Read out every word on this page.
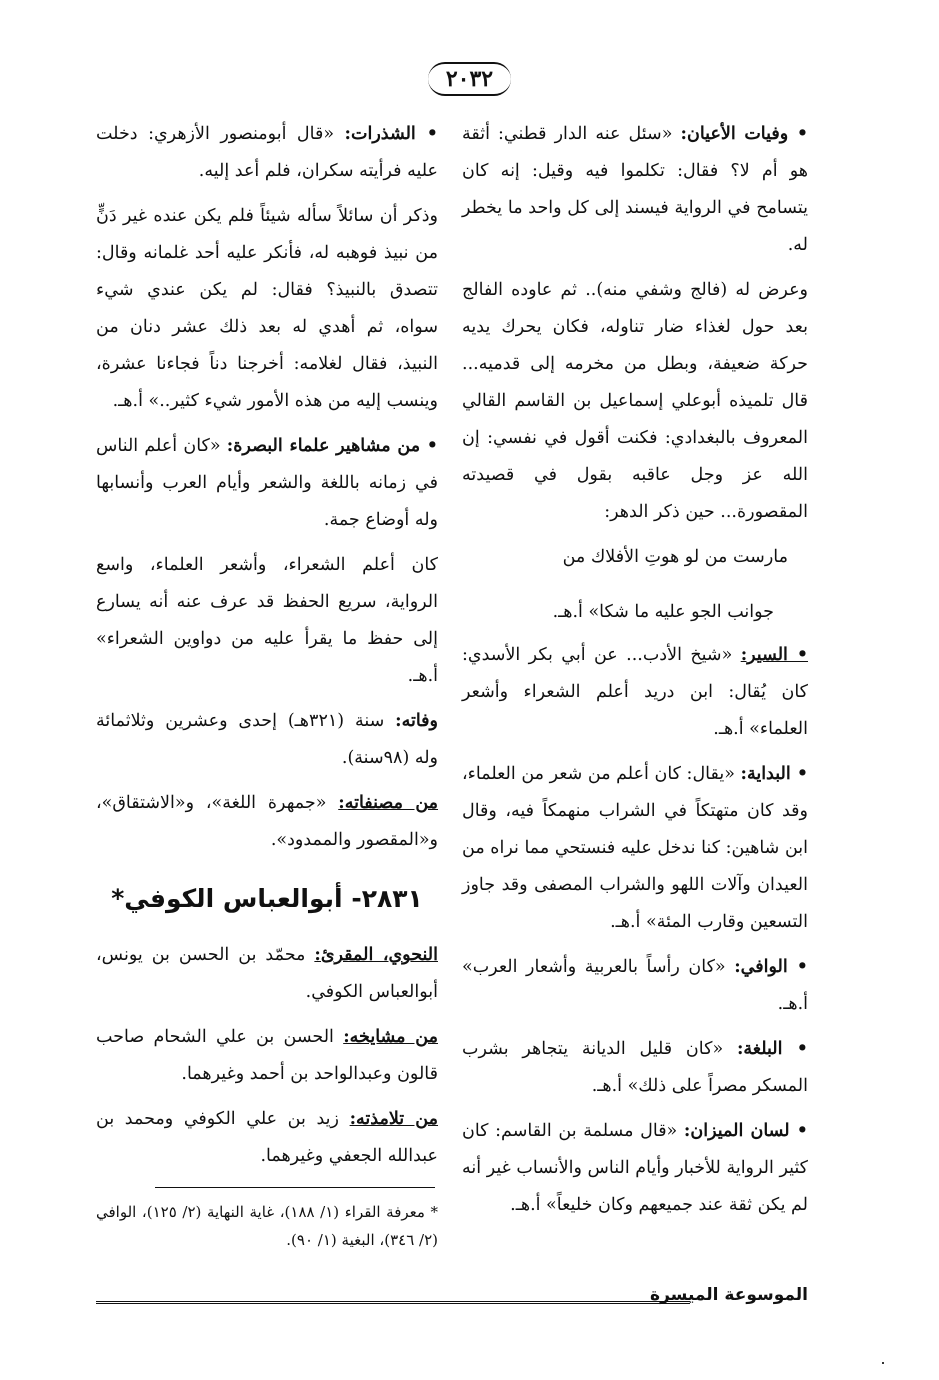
٢٠٣٢

• وفيات الأعيان: «سئل عنه الدار قطني: أثقة هو أم لا؟ فقال: تكلموا فيه وقيل: إنه كان يتسامح في الرواية فيسند إلى كل واحد ما يخطر له.

وعرض له (فالج وشفي منه).. ثم عاوده الفالج بعد حول لغذاء ضار تناوله، فكان يحرك يديه حركة ضعيفة، وبطل من مخرمه إلى قدميه... قال تلميذه أبوعلي إسماعيل بن القاسم القالي المعروف بالبغدادي: فكنت أقول في نفسي: إن الله عز وجل عاقبه بقول في قصيدته المقصورة... حين ذكر الدهر:

مارست من لو هوتِ الأفلاك من
جوانب الجو عليه ما شكا» أ.هـ.

• السير: «شيخ الأدب... عن أبي بكر الأسدي: كان يُقال: ابن دريد أعلم الشعراء وأشعر العلماء» أ.هـ.

• البداية: «يقال: كان أعلم من شعر من العلماء، وقد كان متهتكاً في الشراب منهمكاً فيه، وقال ابن شاهين: كنا ندخل عليه فنستحي مما نراه من العيدان وآلات اللهو والشراب المصفى وقد جاوز التسعين وقارب المئة» أ.هـ.

• الوافي: «كان رأساً بالعربية وأشعار العرب» أ.هـ.

• البلغة: «كان قليل الديانة يتجاهر بشرب المسكر مصراً على ذلك» أ.هـ.

• لسان الميزان: «قال مسلمة بن القاسم: كان كثير الرواية للأخبار وأيام الناس والأنساب غير أنه لم يكن ثقة عند جميعهم وكان خليعاً» أ.هـ.

• الشذرات: «قال أبومنصور الأزهري: دخلت عليه فرأيته سكران، فلم أعد إليه.

وذكر أن سائلاً سأله شيئاً فلم يكن عنده غير دَنٍّ من نبيذ فوهبه له، فأنكر عليه أحد غلمانه وقال: تتصدق بالنبيذ؟ فقال: لم يكن عندي شيء سواه، ثم أهدي له بعد ذلك عشر دنان من النبيذ، فقال لغلامه: أخرجنا دناً فجاءنا عشرة، وينسب إليه من هذه الأمور شيء كثير..» أ.هـ.

• من مشاهير علماء البصرة: «كان أعلم الناس في زمانه باللغة والشعر وأيام العرب وأنسابها وله أوضاع جمة.

كان أعلم الشعراء، وأشعر العلماء، واسع الرواية، سريع الحفظ قد عرف عنه أنه يسارع إلى حفظ ما يقرأ عليه من دواوين الشعراء» أ.هـ.

وفاته: سنة (٣٢١هـ) إحدى وعشرين وثلاثمائة وله (٩٨سنة).

من مصنفاته: «جمهرة اللغة»، و«الاشتقاق»، و«المقصور والممدود».

٢٨٣١- أبوالعباس الكوفي*

النحوي، المقرئ: محمّد بن الحسن بن يونس، أبوالعباس الكوفي.

من مشايخه: الحسن بن علي الشحام صاحب قالون وعبدالواحد بن أحمد وغيرهما.

من تلامذته: زيد بن علي الكوفي ومحمد بن عبدالله الجعفي وغيرهما.

* معرفة القراء (١/ ١٨٨)، غاية النهاية (٢/ ١٢٥)، الوافي (٢/ ٣٤٦)، البغية (١/ ٩٠).
الموسوعة الميسرة
